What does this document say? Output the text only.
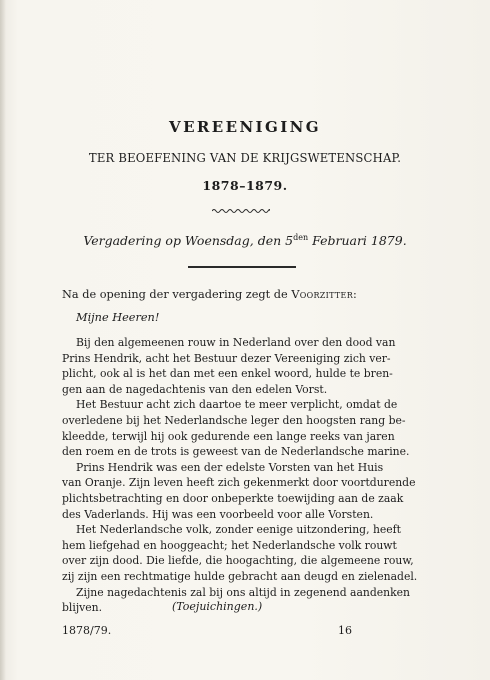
VEREENIGING
TER BEOEFENING VAN DE KRIJGSWETENSCHAP.
1878–1879.
Vergadering op Woensdag, den $5^{den}$ Februari 1879.
Na de opening der vergadering zegt de Voorzitter:
Mijne Heeren!
Bij den algemeenen rouw in Nederland over den dood van
Prins Hendrik, acht het Bestuur dezer Vereeniging zich ver-
plicht, ook al is het dan met een enkel woord, hulde te bren-
gen aan de nagedachtenis van den edelen Vorst.
Het Bestuur acht zich daartoe te meer verplicht, omdat de
overledene bij het Nederlandsche leger den hoogsten rang be-
kleedde, terwijl hij ook gedurende een lange reeks van jaren
den roem en de trots is geweest van de Nederlandsche marine.
Prins Hendrik was een der edelste Vorsten van het Huis
van Oranje. Zijn leven heeft zich gekenmerkt door voortdurende
plichtsbetrachting en door onbeperkte toewijding aan de zaak
des Vaderlands. Hij was een voorbeeld voor alle Vorsten.
Het Nederlandsche volk, zonder eenige uitzondering, heeft
hem liefgehad en hooggeacht; het Nederlandsche volk rouwt
over zijn dood. Die liefde, die hoogachting, die algemeene rouw,
zij zijn een rechtmatige hulde gebracht aan deugd en zielenadel.
Zijne nagedachtenis zal bij ons altijd in zegenend aandenken
blijven.	(Toejuichingen.)
1878/79.	16
